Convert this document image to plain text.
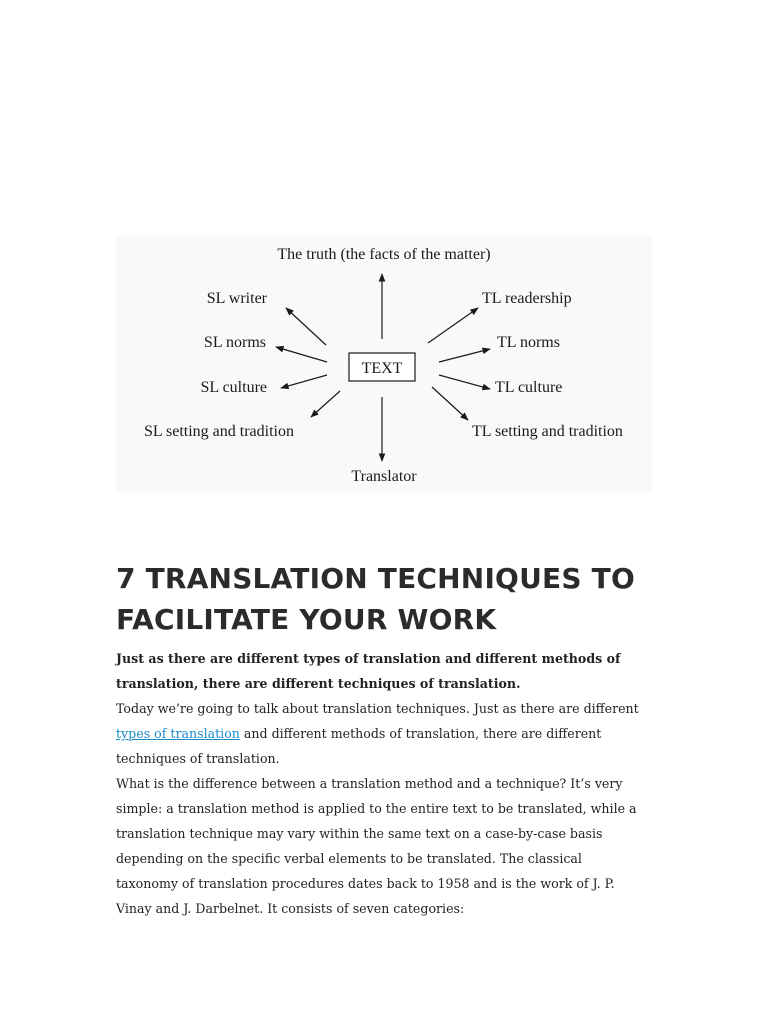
TEXT
The truth (the facts of the matter)
Translator
SL writer
SL norms
SL culture
SL setting and tradition
TL readership
TL norms
TL culture
TL setting and tradition
7 TRANSLATION TECHNIQUES TO FACILITATE YOUR WORK

Just as there are different types of translation and different methods of translation, there are different techniques of translation.

Today we’re going to talk about translation techniques. Just as there are different types of translation and different methods of translation, there are different techniques of translation.

What is the difference between a translation method and a technique? It’s very simple: a translation method is applied to the entire text to be translated, while a translation technique may vary within the same text on a case-by-case basis depending on the specific verbal elements to be translated. The classical taxonomy of translation procedures dates back to 1958 and is the work of J. P. Vinay and J. Darbelnet. It consists of seven categories:
